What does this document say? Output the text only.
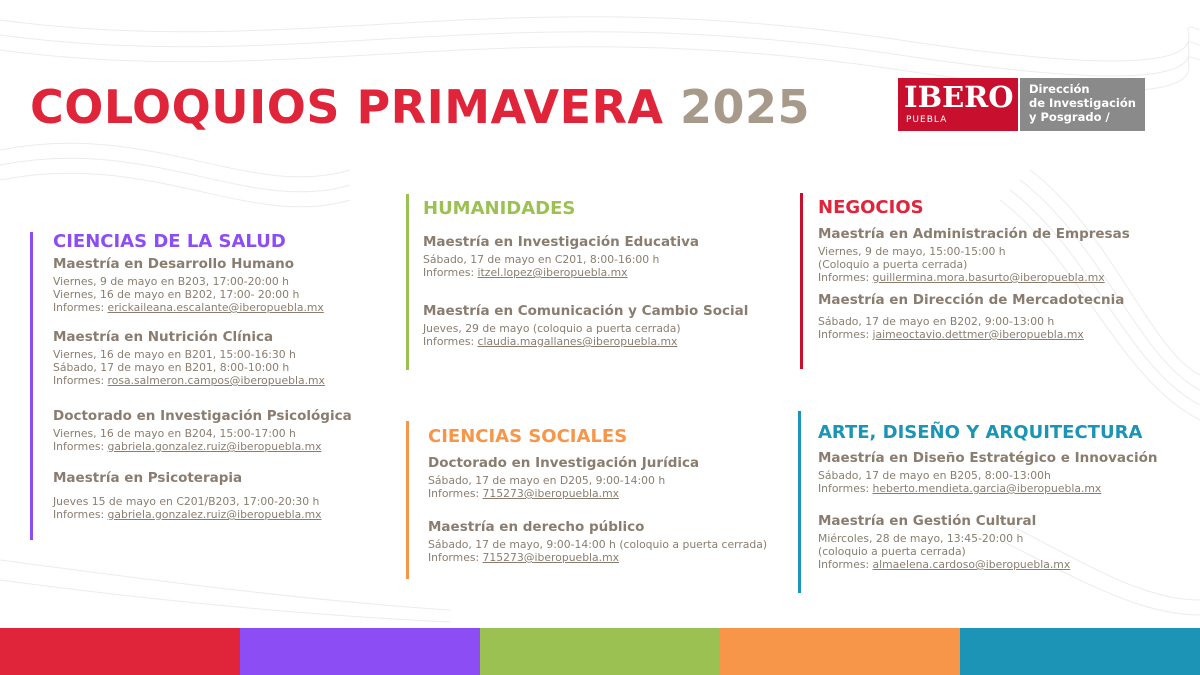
COLOQUIOS PRIMAVERA 2025	IBERO
PUEBLA
Dirección
de Investigación
y Posgrado /
CIENCIAS DE LA SALUD
Maestría en Desarrollo Humano
Viernes, 9 de mayo en B203, 17:00-20:00 h
Viernes, 16 de mayo en B202, 17:00- 20:00 h
Informes: erickaileana.escalante@iberopuebla.mx
Maestría en Nutrición Clínica
Viernes, 16 de mayo en B201, 15:00-16:30 h
Sábado, 17 de mayo en B201, 8:00-10:00 h
Informes: rosa.salmeron.campos@iberopuebla.mx
Doctorado en Investigación Psicológica
Viernes, 16 de mayo en B204, 15:00-17:00 h
Informes: gabriela.gonzalez.ruiz@iberopuebla.mx
Maestría en Psicoterapia
Jueves 15 de mayo en C201/B203, 17:00-20:30 h
Informes: gabriela.gonzalez.ruiz@iberopuebla.mx
HUMANIDADES
Maestría en Investigación Educativa
Sábado, 17 de mayo en C201, 8:00-16:00 h
Informes: itzel.lopez@iberopuebla.mx
Maestría en Comunicación y Cambio Social
Jueves, 29 de mayo (coloquio a puerta cerrada)
Informes: claudia.magallanes@iberopuebla.mx
CIENCIAS SOCIALES
Doctorado en Investigación Jurídica
Sábado, 17 de mayo en D205, 9:00-14:00 h
Informes: 715273@iberopuebla.mx
Maestría en derecho público
Sábado, 17 de mayo, 9:00-14:00 h (coloquio a puerta cerrada)
Informes: 715273@iberopuebla.mx
NEGOCIOS
Maestría en Administración de Empresas
Viernes, 9 de mayo, 15:00-15:00 h
(Coloquio a puerta cerrada)
Informes: guillermina.mora.basurto@iberopuebla.mx
Maestría en Dirección de Mercadotecnia
Sábado, 17 de mayo en B202, 9:00-13:00 h
Informes: jaimeoctavio.dettmer@iberopuebla.mx
ARTE, DISEÑO Y ARQUITECTURA
Maestría en Diseño Estratégico e Innovación
Sábado, 17 de mayo en B205, 8:00-13:00h
Informes: heberto.mendieta.garcia@iberopuebla.mx
Maestría en Gestión Cultural
Miércoles, 28 de mayo, 13:45-20:00 h
(coloquio a puerta cerrada)
Informes: almaelena.cardoso@iberopuebla.mx
